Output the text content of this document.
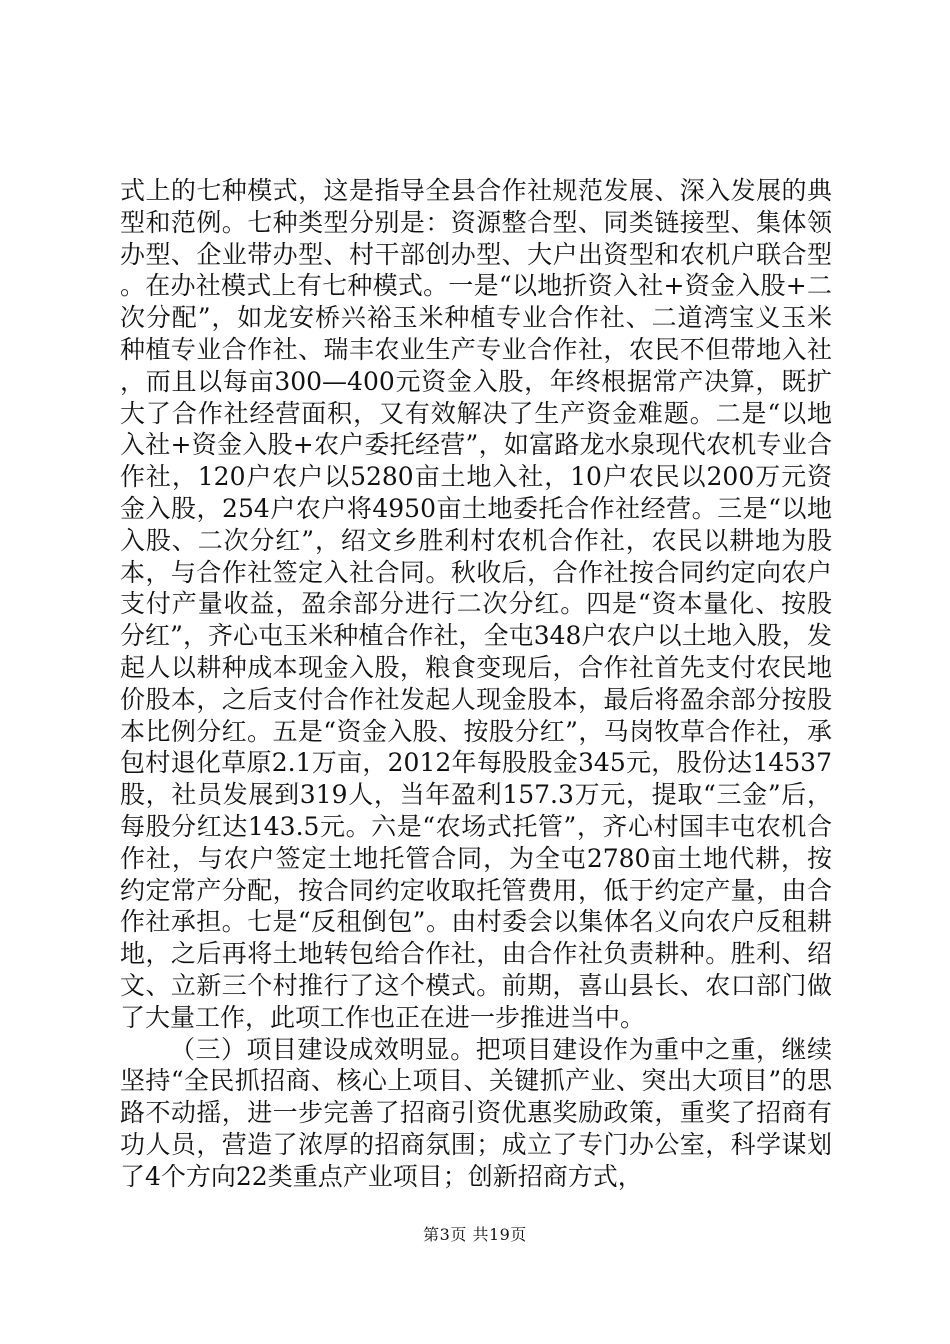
式上的七种模式，这是指导全县合作社规范发展、深入发展的典型和范例。七种类型分别是：资源整合型、同类链接型、集体领办型、企业带办型、村干部创办型、大户出资型和农机户联合型。在办社模式上有七种模式。一是“以地折资入社+资金入股+二次分配”，如龙安桥兴裕玉米种植专业合作社、二道湾宝义玉米种植专业合作社、瑞丰农业生产专业合作社，农民不但带地入社，而且以每亩300—400元资金入股，年终根据常产决算，既扩大了合作社经营面积，又有效解决了生产资金难题。二是“以地入社+资金入股+农户委托经营”，如富路龙水泉现代农机专业合作社，120户农户以5280亩土地入社，10户农民以200万元资金入股，254户农户将4950亩土地委托合作社经营。三是“以地入股、二次分红”，绍文乡胜利村农机合作社，农民以耕地为股本，与合作社签定入社合同。秋收后，合作社按合同约定向农户支付产量收益，盈余部分进行二次分红。四是“资本量化、按股分红”，齐心屯玉米种植合作社，全屯348户农户以土地入股，发起人以耕种成本现金入股，粮食变现后，合作社首先支付农民地价股本，之后支付合作社发起人现金股本，最后将盈余部分按股本比例分红。五是“资金入股、按股分红”，马岗牧草合作社，承包村退化草原2.1万亩，2012年每股股金345元，股份达14537股，社员发展到319人，当年盈利157.3万元，提取“三金”后，每股分红达143.5元。六是“农场式托管”，齐心村国丰屯农机合作社，与农户签定土地托管合同，为全屯2780亩土地代耕，按约定常产分配，按合同约定收取托管费用，低于约定产量，由合作社承担。七是“反租倒包”。由村委会以集体名义向农户反租耕地，之后再将土地转包给合作社，由合作社负责耕种。胜利、绍文、立新三个村推行了这个模式。前期，喜山县长、农口部门做了大量工作，此项工作也正在进一步推进当中。

（三）项目建设成效明显。把项目建设作为重中之重，继续坚持“全民抓招商、核心上项目、关键抓产业、突出大项目”的思路不动摇，进一步完善了招商引资优惠奖励政策，重奖了招商有功人员，营造了浓厚的招商氛围；成立了专门办公室，科学谋划了4个方向22类重点产业项目；创新招商方式，

第3页 共19页
